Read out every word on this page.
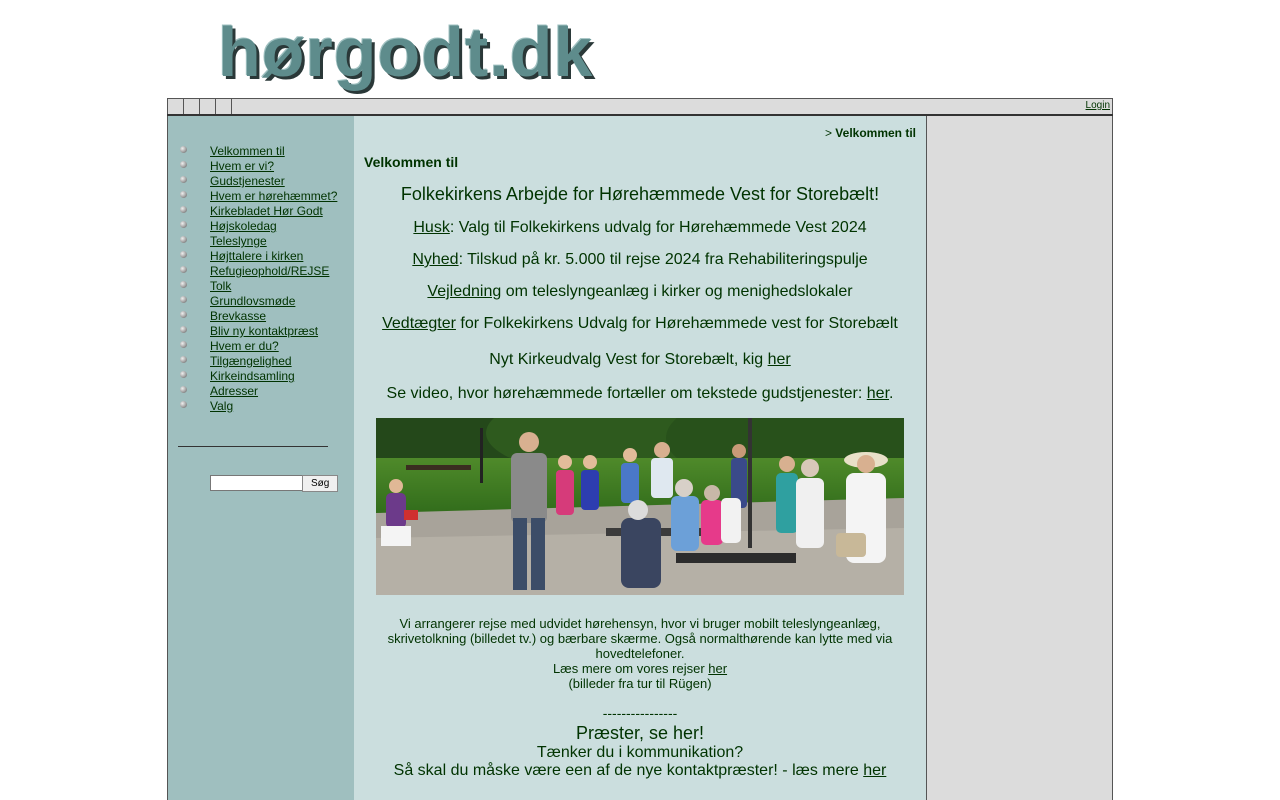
hørgodt.dk
Login
Velkommen til
Hvem er vi?
Gudstjenester
Hvem er hørehæmmet?
Kirkebladet Hør Godt
Højskoledag
Teleslynge
Højttalere i kirken
Refugieophold/REJSE
Tolk
Grundlovsmøde
Brevkasse
Bliv ny kontaktpræst
Hvem er du?
Tilgængelighed
Kirkeindsamling
Adresser
Valg
Søg
> Velkommen til
Velkommen til
Folkekirkens Arbejde for Hørehæmmede Vest for Storebælt!
Husk: Valg til Folkekirkens udvalg for Hørehæmmede Vest 2024
Nyhed: Tilskud på kr. 5.000 til rejse 2024 fra Rehabiliteringspulje
Vejledning om teleslyngeanlæg i kirker og menighedslokaler
Vedtægter for Folkekirkens Udvalg for Hørehæmmede vest for Storebælt
Nyt Kirkeudvalg Vest for Storebælt, kig her
Se video, hvor hørehæmmede fortæller om tekstede gudstjenester: her.
Vi arrangerer rejse med udvidet hørehensyn, hvor vi bruger mobilt teleslyngeanlæg, skrivetolkning (billedet tv.) og bærbare skærme. Også normalthørende kan lytte med via hovedtelefoner.
Læs mere om vores rejser her
(billeder fra tur til Rügen)
----------------
Præster, se her!
Tænker du i kommunikation?
Så skal du måske være een af de nye kontaktpræster! - læs mere her
